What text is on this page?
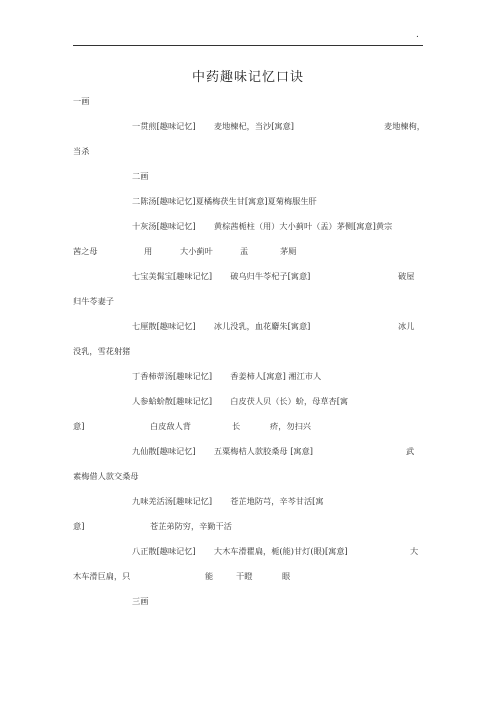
.
中药趣味记忆口诀
一画
一贯煎[趣味记忆]       麦地楝杞，当沙[寓意]	麦地楝枸，
当杀
二画
二陈汤[趣味记忆]夏橘梅茯生甘[寓意]夏菊梅服生肝
十灰汤[趣味记忆]       黄棕茜栀柱（用）大小蓟叶（盂）茅侧[寓意]黄宗
茜之母	用	大小蓟叶	盂	茅厕
七宝美髯宝[趣味记忆]       破乌归牛苓杞子[寓意]	破屋
归牛苓妻子
七厘散[趣味记忆]       冰儿没乳，血花麝朱[寓意]	冰儿
没乳，雪花射猪
丁香柿蒂汤[趣味记忆]       香姜柿人[寓意] 湘江市人
人参蛤蚧散[趣味记忆]       白皮茯人贝（长）蚧，母草杏[寓
意]	白皮敌人背	长	疥，勿扫兴
九仙散[趣味记忆]       五粟梅桔人款胶桑母 [寓意]	武
素梅借人款交桑母
九味羌活汤[趣味记忆]       苍芷地防芎，辛芩甘活[寓
意]	苍芷弟防穷，辛勤干活
八正散[趣味记忆]       大木车滑瞿扁，栀(能)甘灯(眼)[寓意]	大
木车滑巨扁，只	能	干瞪	眼
三画
